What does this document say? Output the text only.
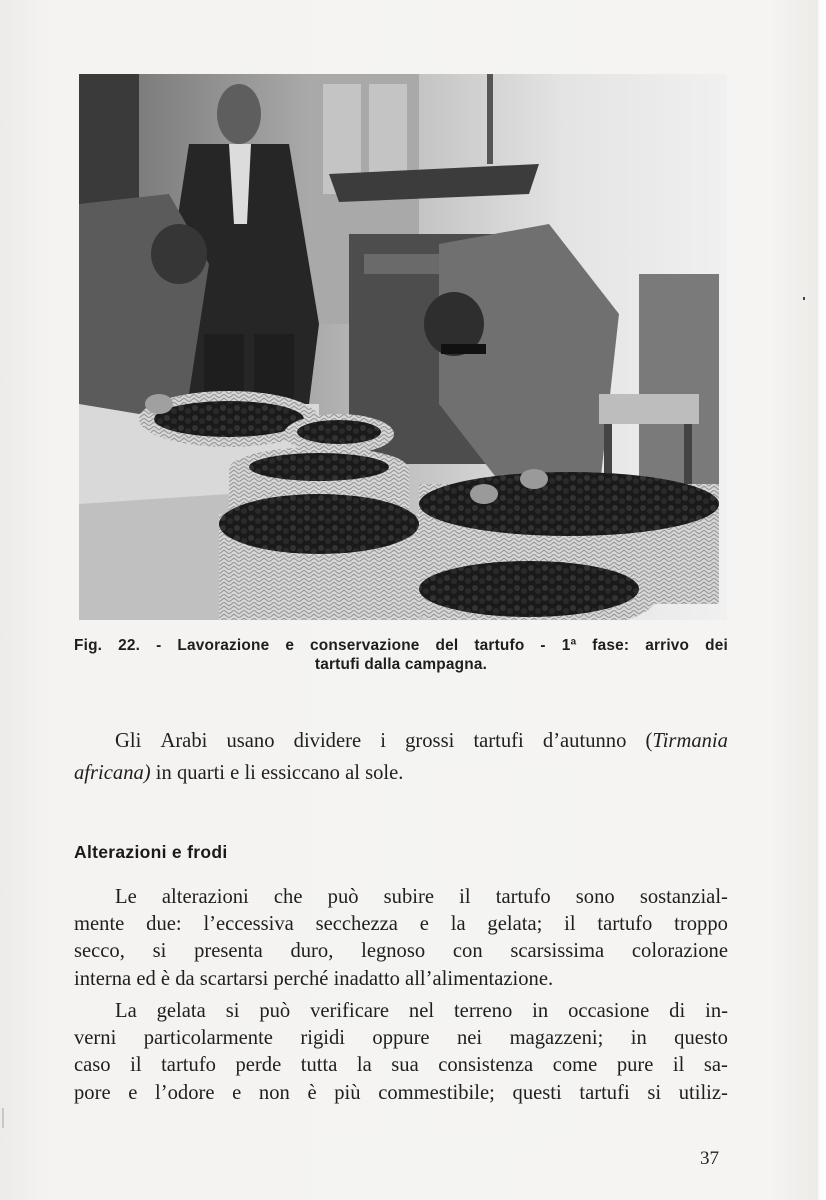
Fig. 22. - Lavorazione e conservazione del tartufo - 1ª fase: arrivo dei
tartufi dalla campagna.
Gli Arabi usano dividere i grossi tartufi d’autunno (Tirmania
africana) in quarti e li essiccano al sole.
Alterazioni e frodi
Le alterazioni che può subire il tartufo sono sostanzial-
mente due: l’eccessiva secchezza e la gelata; il tartufo troppo
secco, si presenta duro, legnoso con scarsissima colorazione
interna ed è da scartarsi perché inadatto all’alimentazione.
La gelata si può verificare nel terreno in occasione di in-
verni particolarmente rigidi oppure nei magazzeni; in questo
caso il tartufo perde tutta la sua consistenza come pure il sa-
pore e l’odore e non è più commestibile; questi tartufi si utiliz-
37
